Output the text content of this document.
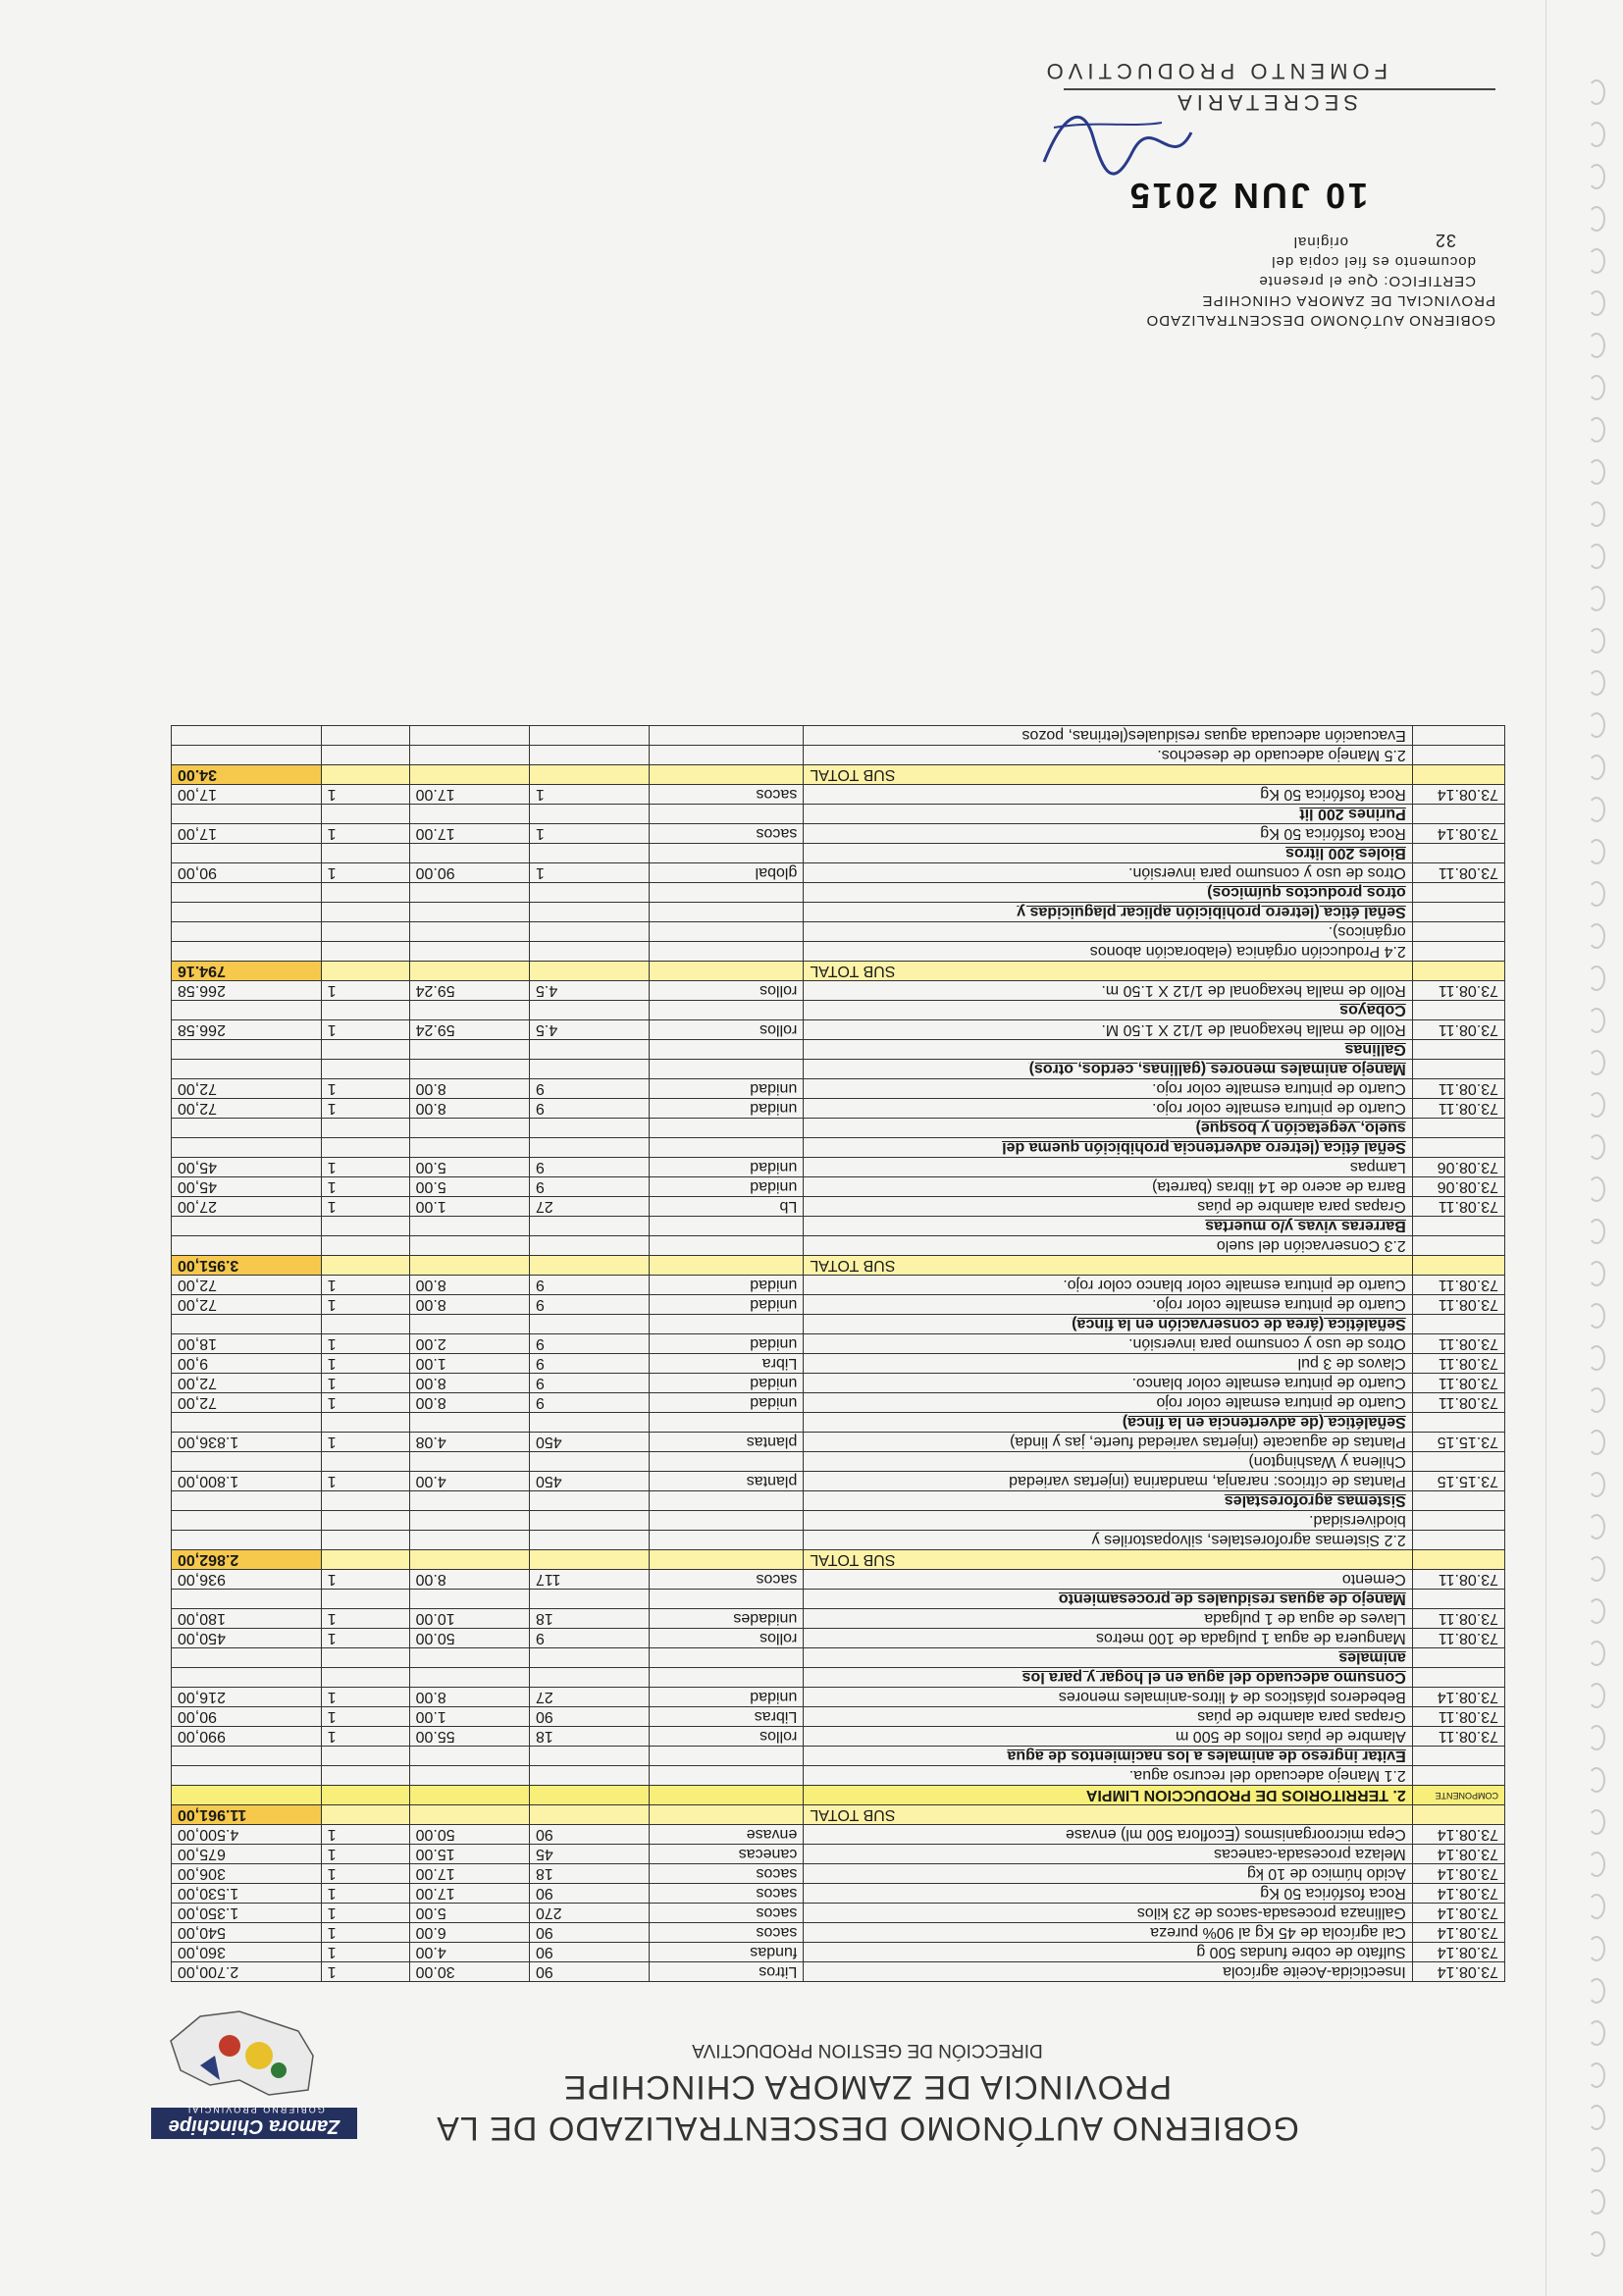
GOBIERNO AUTÓNOMO DESCENTRALIZADO DE LA
PROVINCIA DE ZAMORA CHINCHIPE
DIRECCIÓN DE GESTION PRODUCTIVA
Zamora Chinchipe
GOBIERNO PROVINCIAL
73.08.14	Insecticida-Aceite agrícola	Litros	90	30.00	1	2.700,00
73.08.14	Sulfato de cobre fundas 500 g	fundas	90	4.00	1	360,00
73.08.14	Cal agrícola de 45 Kg al 90% pureza	sacos	90	6.00	1	540,00
73.08.14	Gallinaza procesada-sacos de 23 kilos	sacos	270	5.00	1	1.350,00
73.08.14	Roca fosfórica 50 Kg	sacos	90	17.00	1	1.530,00
73.08.14	Acido húmico de 10 kg	sacos	18	17.00	1	306,00
73.08.14	Melaza procesada-canecas	canecas	45	15.00	1	675,00
73.08.14	Cepa microorganismos (Ecoflora 500 ml) envase	envase	90	50.00	1	4.500,00
	SUB TOTAL					11.961,00
COMPONENTE	2. TERRITORIOS DE PRODUCCION LIMPIA					
	2.1 Manejo adecuado del recurso agua.					
	Evitar ingreso de animales a los nacimientos de agua					
73.08.11	Alambre de púas rollos de 500 m	rollos	18	55.00	1	990,00
73.08.11	Grapas para alambre de púas	Libras	90	1.00	1	90,00
73.08.14	Bebederos plásticos de 4 litros-animales menores	unidad	27	8.00	1	216,00
	Consumo adecuado del agua en el hogar y para los					
	animales					
73.08.11	Manguera de agua 1 pulgada de 100 metros	rollos	9	50.00	1	450,00
73.08.11	Llaves de agua de 1 pulgada	unidades	18	10.00	1	180,00
	Manejo de aguas residuales de procesamiento					
73.08.11	Cemento	sacos	117	8.00	1	936,00
	SUB TOTAL					2.862,00
	2.2 Sistemas agroforestales, silvopastoriles y					
	biodiversidad.					
	Sistemas agroforestales					
73.15.15	Plantas de cítricos: naranja, mandarina (injertas variedad	plantas	450	4.00	1	1.800,00
	Chilena y Washington)					
73.15.15	Plantas de aguacate (injertas variedad fuerte, jas y linda)	plantas	450	4.08	1	1.836,00
	Señalética (de advertencia en la finca)					
73.08.11	Cuarto de pintura esmalte color rojo	unidad	9	8.00	1	72,00
73.08.11	Cuarto de pintura esmalte color blanco.	unidad	9	8.00	1	72,00
73.08.11	Clavos de 3 pul	Libra	9	1.00	1	9,00
73.08.11	Otros de uso y consumo para inversión.	unidad	9	2.00	1	18,00
	Señalética (área de conservación en la finca)					
73.08.11	Cuarto de pintura esmalte color rojo.	unidad	9	8.00	1	72,00
73.08.11	Cuarto de pintura esmalte color blanco color rojo.	unidad	9	8.00	1	72,00
	SUB TOTAL					3.951,00
	2.3 Conservación del suelo					
	Barreras vivas y/o muertas					
73.08.11	Grapas para alambre de púas	Lb	27	1.00	1	27,00
73.08.06	Barra de acero de 14 libras (barreta)	unidad	9	5.00	1	45,00
73.08.06	Lampas	unidad	9	5.00	1	45,00
	Señal ética (letrero advertencia prohibición quema del					
	suelo, vegetación y bosque)					
73.08.11	Cuarto de pintura esmalte color rojo.	unidad	9	8.00	1	72,00
73.08.11	Cuarto de pintura esmalte color rojo.	unidad	9	8.00	1	72,00
	Manejo animales menores (gallinas, cerdos, otros)					
	Gallinas					
73.08.11	Rollo de malla hexagonal de 1/12 X 1.50 M.	rollos	4.5	59.24	1	266.58
	Cobayos					
73.08.11	Rollo de malla hexagonal de 1/12 X 1.50 m.	rollos	4.5	59.24	1	266.58
	SUB TOTAL					794.16
	2.4 Producción orgánica (elaboración abonos					
	orgánicos).					
	Señal ética (letrero prohibición aplicar plaguicidas y					
	otros productos químicos)					
73.08.11	Otros de uso y consumo para inversión.	global	1	90.00	1	90,00
	Bioles 200 litros					
73.08.14	Roca fosfórica 50 Kg	sacos	1	17.00	1	17,00
	Purines 200 lit					
73.08.14	Roca fosfórica 50 Kg	sacos	1	17.00	1	17,00
	SUB TOTAL					34.00
	2.5 Manejo adecuado de desechos.					
	Evacuación adecuada aguas residuales(letrinas, pozos					
GOBIERNO AUTÓNOMO DESCENTRALIZADO
PROVINCIAL DE ZAMORA CHINCHIPE
CERTIFICO: Que el presente
documento es fiel copia del
original	32
10 JUN 2015
SECRETARIA
FOMENTO PRODUCTIVO
